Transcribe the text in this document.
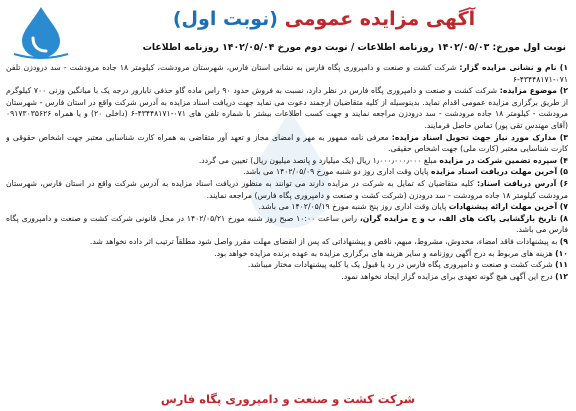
آگهی مزایده عمومی (نوبت اول)
نوبت اول مورخ: ۱۴۰۲/۰۵/۰۳ روزنامه اطلاعات / نوبت دوم مورخ ۱۴۰۲/۰۵/۰۴ روزنامه اطلاعات

۱) نام و نشانی مزایده گزار: شرکت کشت و صنعت و دامپروری پگاه فارس به نشانی استان فارس، شهرستان مرودشت، کیلومتر ۱۸ جاده مرودشت - سد درودزن تلفن ۰۷۱-۴۳۴۴۸۱۷۱-۶

۲) موضوع مزایده: شرکت کشت و صنعت و دامپروری پگاه فارس در نظر دارد، نسبت به فروش حدود ۹۰ راس ماده گاو حذفی نابارور درجه یک با میانگین وزنی ۷۰۰ کیلوگرم از طریق برگزاری مزایده عمومی اقدام نماید. بدینوسیله از کلیه متقاضیان ارجمند دعوت می نماید جهت دریافت اسناد مزایده به آدرس شرکت واقع در استان فارس - شهرستان مرودشت - کیلومتر ۱۸ جاده مرودشت - سد درودزن مراجعه نمایند و جهت کسب اطلاعات بیشتر با شماره تلفن های ۰۷۱-۴۳۴۴۸۱۷۱-۶ (داخلی ۲۰) و یا همراه ۰۹۱۷۳۰۳۵۶۲۶ (آقای مهندس تقی پور) تماس حاصل فرمایند.

۳) مدارک مورد نیاز جهت تحویل اسناد مزایده: معرفی نامه ممهور به مهر و امضای مجاز و تعهد آور متقاضی به همراه کارت شناسایی معتبر جهت اشخاص حقوقی و کارت شناسایی معتبر (کارت ملی) جهت اشخاص حقیقی.

۴) سپرده تضمین شرکت در مزایده مبلغ ۱٫۰۰۰٫۰۰۰٫۰۰۰ ریال (یک میلیارد و پانصد میلیون ریال) تعیین می گردد.

۵) آخرین مهلت دریافت اسناد مزایده پایان وقت اداری روز دو شنبه مورخ ۱۴۰۲/۰۵/۰۹ می باشد.

۶) آدرس دریافت اسناد: کلیه متقاضیان که تمایل به شرکت در مزایده دارند می توانند به منظور دریافت اسناد مزایده به آدرس شرکت واقع در استان فارس، شهرستان مرودشت کیلومتر ۱۸ جاده مرودشت - سد درودزن (شرکت کشت و صنعت و دامپروری پگاه فارس) مراجعه نمایند.

۷) آخرین مهلت ارائه پیشنهادات پایان وقت اداری روز پنج شنبه مورخ ۱۴۰۲/۰۵/۱۹ می باشد.

۸) تاریخ بازگشایی پاکت های الف، ب و ج مزایده گران، راس ساعت ۱۰:۰۰ صبح روز شنبه مورخ ۱۴۰۲/۰۵/۲۱ در محل قانونی شرکت کشت و صنعت و دامپروری پگاه فارس می باشد.

۹) به پیشنهادات فاقد امضاء، مخدوش، مشروط، مبهم، ناقص و پیشنهاداتی که پس از انقضای مهلت مقرر واصل شود مطلقاً ترتیب اثر داده نخواهد شد.

۱۰) هزینه های مربوط به درج آگهی روزنامه و سایر هزینه های برگزاری مزایده به عهده برنده مزایده خواهد بود.

۱۱) شرکت کشت و صنعت و دامپروری پگاه فارس در رد یا قبول یک یا کلیه پیشنهادات مختار میباشد.

۱۲) درج این آگهی هیچ گونه تعهدی برای مزایده گزار ایجاد نخواهد نمود.

شرکت کشت و صنعت و دامپروری پگاه فارس
